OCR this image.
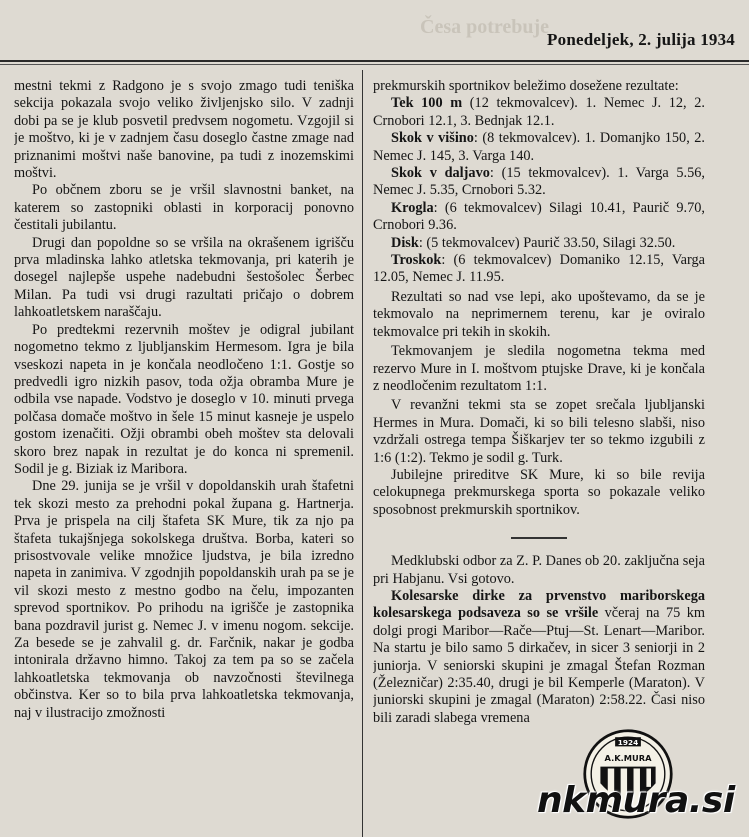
Česa potrebuje
Ponedeljek, 2. julija 1934

mestni tekmi z Radgono je s svojo zmago tudi teniška sekcija pokazala svojo veliko življenjsko silo. V zadnji dobi pa se je klub posvetil predvsem nogometu. Vzgojil si je moštvo, ki je v zadnjem času doseglo častne zmage nad priznanimi moštvi naše banovine, pa tudi z inozemskimi moštvi.

Po občnem zboru se je vršil slavnostni banket, na katerem so zastopniki oblasti in korporacij ponovno čestitali jubilantu.

Drugi dan popoldne so se vršila na okrašenem igrišču prva mladinska lahko atletska tekmovanja, pri katerih je dosegel najlepše uspehe nadebudni šestošolec Šerbec Milan. Pa tudi vsi drugi razultati pričajo o dobrem lahkoatletskem naraščaju.

Po predtekmi rezervnih moštev je odigral jubilant nogometno tekmo z ljubljanskim Hermesom. Igra je bila vseskozi napeta in je končala neodločeno 1:1. Gostje so predvedli igro nizkih pasov, toda ožja obramba Mure je odbila vse napade. Vodstvo je doseglo v 10. minuti prvega polčasa domače moštvo in šele 15 minut kasneje je uspelo gostom izenačiti. Ožji obrambi obeh moštev sta delovali skoro brez napak in rezultat je do konca ni spremenil. Sodil je g. Biziak iz Maribora.

Dne 29. junija se je vršil v dopoldanskih urah štafetni tek skozi mesto za prehodni pokal župana g. Hartnerja. Prva je prispela na cilj štafeta SK Mure, tik za njo pa štafeta tukajšnjega sokolskega društva. Borba, kateri so prisostvovale velike množice ljudstva, je bila izredno napeta in zanimiva. V zgodnjih popoldanskih urah pa se je vil skozi mesto z mestno godbo na čelu, impozanten sprevod sportnikov. Po prihodu na igrišče je zastopnika bana pozdravil jurist g. Nemec J. v imenu nogom. sekcije. Za besede se je zahvalil g. dr. Farčnik, nakar je godba intonirala državno himno. Takoj za tem pa so se začela lahkoatletska tekmovanja ob navzočnosti številnega občinstva. Ker so to bila prva lahkoatletska tekmovanja, naj v ilustracijo zmožnosti

prekmurskih sportnikov beležimo dosežene rezultate:

Tek 100 m (12 tekmovalcev). 1. Nemec J. 12, 2. Crnobori 12.1, 3. Bednjak 12.1.

Skok v višino: (8 tekmovalcev). 1. Domanjko 150, 2. Nemec J. 145, 3. Varga 140.

Skok v daljavo: (15 tekmovalcev). 1. Varga 5.56, Nemec J. 5.35, Crnobori 5.32.

Krogla: (6 tekmovalcev) Silagi 10.41, Paurič 9.70, Crnobori 9.36.

Disk: (5 tekmovalcev) Paurič 33.50, Silagi 32.50.

Troskok: (6 tekmovalcev) Domaniko 12.15, Varga 12.05, Nemec J. 11.95.

Rezultati so nad vse lepi, ako upoštevamo, da se je tekmovalo na neprimernem terenu, kar je oviralo tekmovalce pri tekih in skokih.

Tekmovanjem je sledila nogometna tekma med rezervo Mure in I. moštvom ptujske Drave, ki je končala z neodločenim rezultatom 1:1.

V revanžni tekmi sta se zopet srečala ljubljanski Hermes in Mura. Domači, ki so bili telesno slabši, niso vzdržali ostrega tempa Šiškarjev ter so tekmo izgubili z 1:6 (1:2). Tekmo je sodil g. Turk.

Jubilejne prireditve SK Mure, ki so bile revija celokupnega prekmurskega sporta so pokazale veliko sposobnost prekmurskih sportnikov.

Medklubski odbor za Z. P. Danes ob 20. zaključna seja pri Habjanu. Vsi gotovo.

Kolesarske dirke za prvenstvo mariborskega kolesarskega podsaveza so se vršile včeraj na 75 km dolgi progi Maribor—Rače—Ptuj—St. Lenart—Maribor. Na startu je bilo samo 5 dirkačev, in sicer 3 seniorji in 2 juniorja. V seniorski skupini je zmagal Štefan Rozman (Železničar) 2:35.40, drugi je bil Kemperle (Maraton). V juniorski skupini je zmagal (Maraton) 2:58.22. Časi niso bili zaradi slabega vremena

1924
A.K.MURA
nkmura.si
